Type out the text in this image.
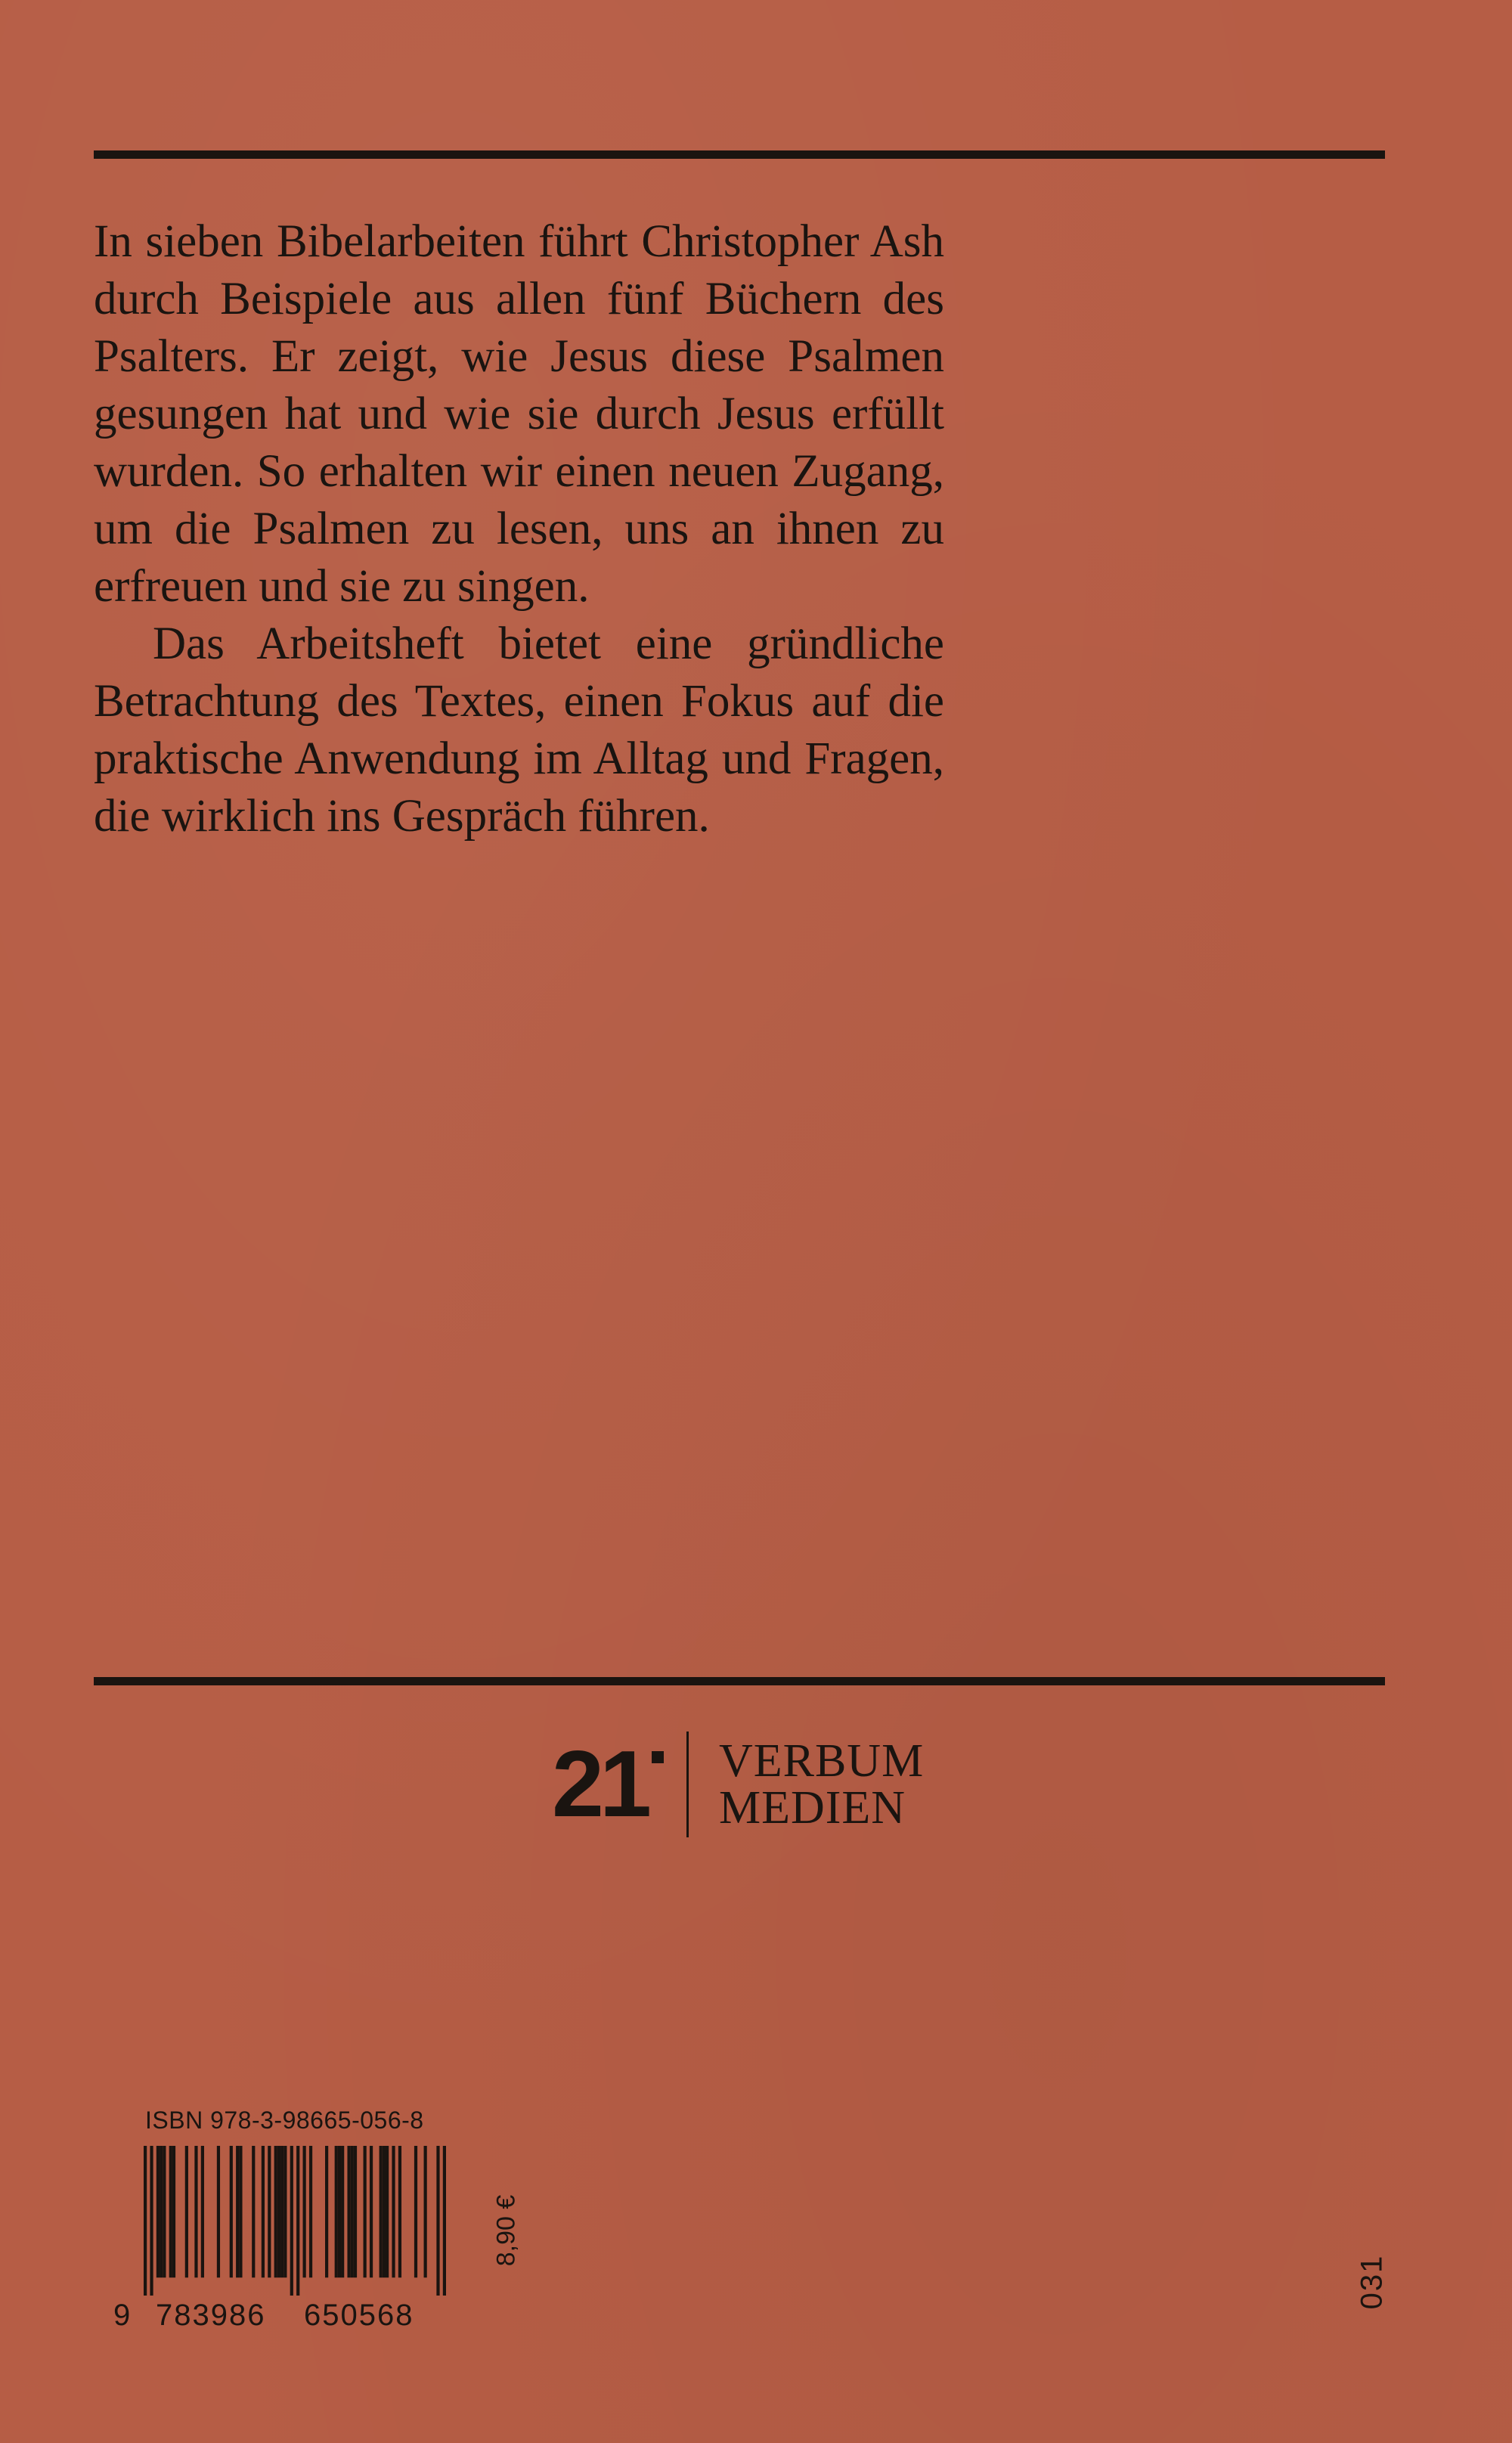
In sieben Bibelarbeiten führt Christopher Ash durch Beispiele aus allen fünf Büchern des Psalters. Er zeigt, wie Jesus diese Psalmen gesungen hat und wie sie durch Jesus erfüllt wurden. So erhalten wir einen neuen Zugang, um die Psalmen zu lesen, uns an ihnen zu erfreuen und sie zu singen.

Das Arbeitsheft bietet eine gründliche Betrachtung des Textes, einen Fokus auf die praktische Anwendung im Alltag und Fragen, die wirklich ins Gespräch führen.

21	VERBUM
MEDIEN
ISBN 978-3-98665-056-8
9 783986 650568
8,90 €
031
